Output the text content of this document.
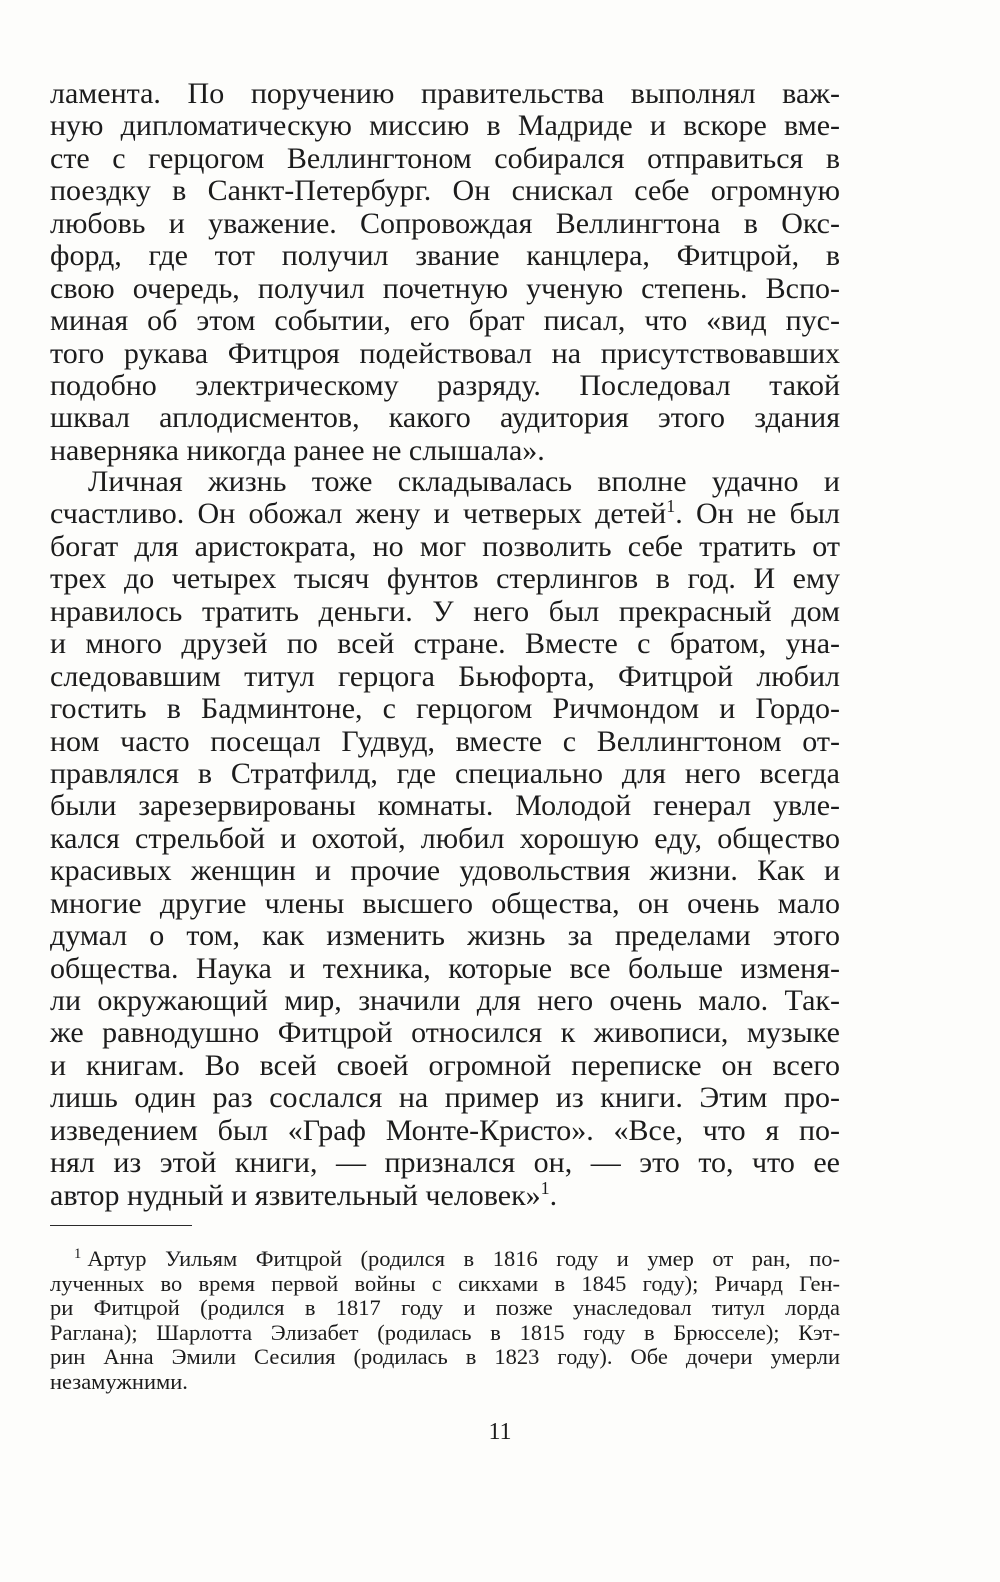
ламента. По поручению правительства выполнял важ-
ную дипломатическую миссию в Мадриде и вскоре вме-
сте с герцогом Веллингтоном собирался отправиться в
поездку в Санкт-Петербург. Он снискал себе огромную
любовь и уважение. Сопровождая Веллингтона в Окс-
форд, где тот получил звание канцлера, Фитцрой, в
свою очередь, получил почетную ученую степень. Вспо-
миная об этом событии, его брат писал, что «вид пус-
того рукава Фитцроя подействовал на присутствовавших
подобно электрическому разряду. Последовал такой
шквал аплодисментов, какого аудитория этого здания
наверняка никогда ранее не слышала».
Личная жизнь тоже складывалась вполне удачно и
счастливо. Он обожал жену и четверых детей$^1$. Он не был
богат для аристократа, но мог позволить себе тратить от
трех до четырех тысяч фунтов стерлингов в год. И ему
нравилось тратить деньги. У него был прекрасный дом
и много друзей по всей стране. Вместе с братом, уна-
следовавшим титул герцога Бьюфорта, Фитцрой любил
гостить в Бадминтоне, с герцогом Ричмондом и Гордо-
ном часто посещал Гудвуд, вместе с Веллингтоном от-
правлялся в Стратфилд, где специально для него всегда
были зарезервированы комнаты. Молодой генерал увле-
кался стрельбой и охотой, любил хорошую еду, общество
красивых женщин и прочие удовольствия жизни. Как и
многие другие члены высшего общества, он очень мало
думал о том, как изменить жизнь за пределами этого
общества. Наука и техника, которые все больше изменя-
ли окружающий мир, значили для него очень мало. Так-
же равнодушно Фитцрой относился к живописи, музыке
и книгам. Во всей своей огромной переписке он всего
лишь один раз сослался на пример из книги. Этим про-
изведением был «Граф Монте-Кристо». «Все, что я по-
нял из этой книги, — признался он, — это то, что ее
автор нудный и язвительный человек»$^1$.
$^1$ Артур Уильям Фитцрой (родился в 1816 году и умер от ран, по-
лученных во время первой войны с сикхами в 1845 году); Ричард Ген-
ри Фитцрой (родился в 1817 году и позже унаследовал титул лорда
Раглана); Шарлотта Элизабет (родилась в 1815 году в Брюсселе); Кэт-
рин Анна Эмили Сесилия (родилась в 1823 году). Обе дочери умерли
незамужними.
11
